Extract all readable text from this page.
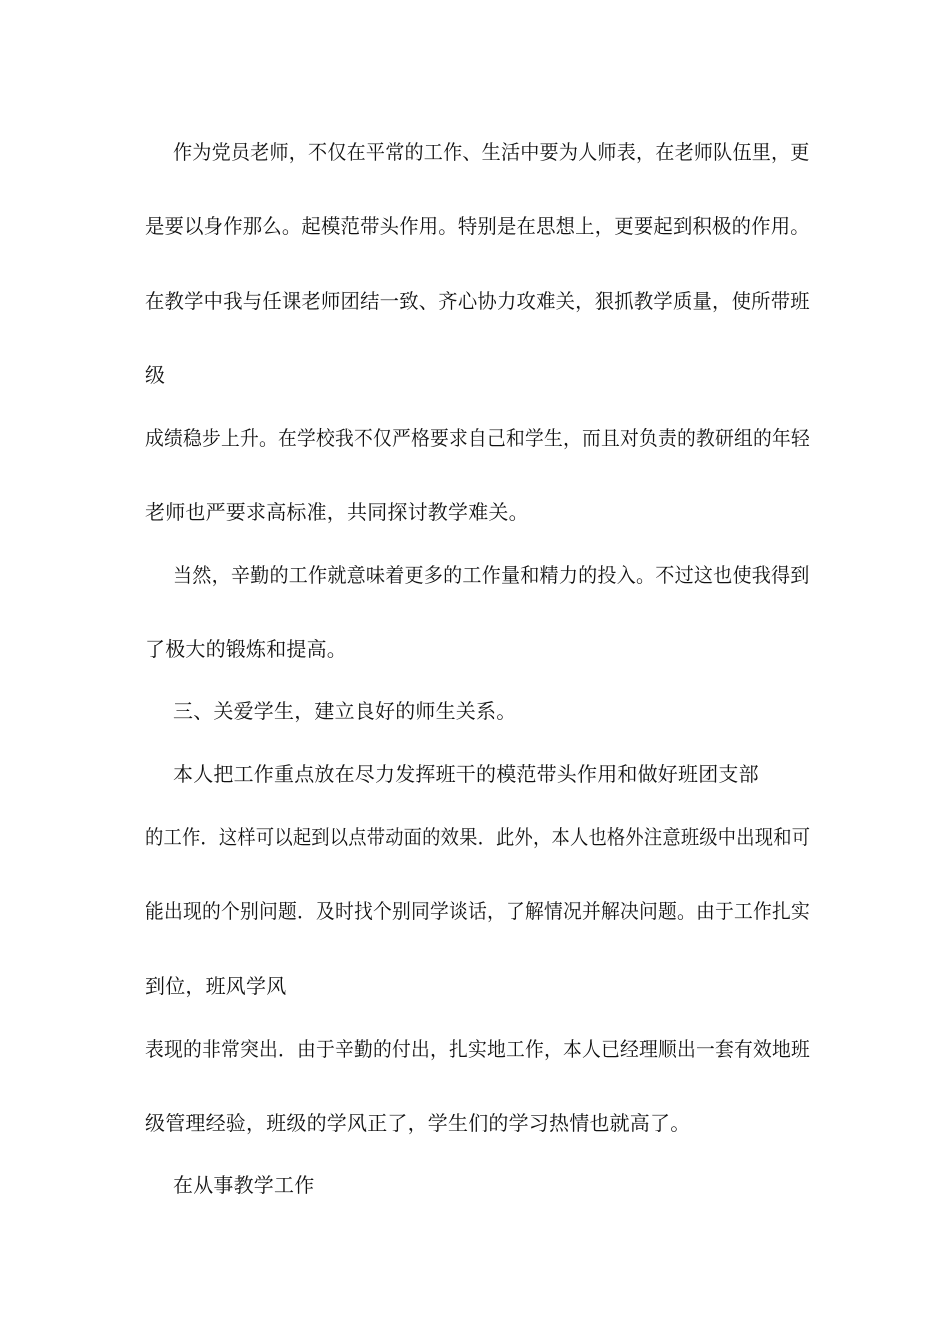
作为党员老师，不仅在平常的工作、生活中要为人师表，在老师队伍里，更
是要以身作那么。起模范带头作用。特别是在思想上，更要起到积极的作用。
在教学中我与任课老师团结一致、齐心协力攻难关，狠抓教学质量，使所带班
级
成绩稳步上升。在学校我不仅严格要求自己和学生，而且对负责的教研组的年轻
老师也严要求高标准，共同探讨教学难关。
当然，辛勤的工作就意味着更多的工作量和精力的投入。不过这也使我得到
了极大的锻炼和提高。
三、关爱学生，建立良好的师生关系。
本人把工作重点放在尽力发挥班干的模范带头作用和做好班团支部
的工作．这样可以起到以点带动面的效果．此外，本人也格外注意班级中出现和可
能出现的个别问题．及时找个别同学谈话，了解情况并解决问题。由于工作扎实
到位，班风学风
表现的非常突出．由于辛勤的付出，扎实地工作，本人已经理顺出一套有效地班
级管理经验，班级的学风正了，学生们的学习热情也就高了。
在从事教学工作
